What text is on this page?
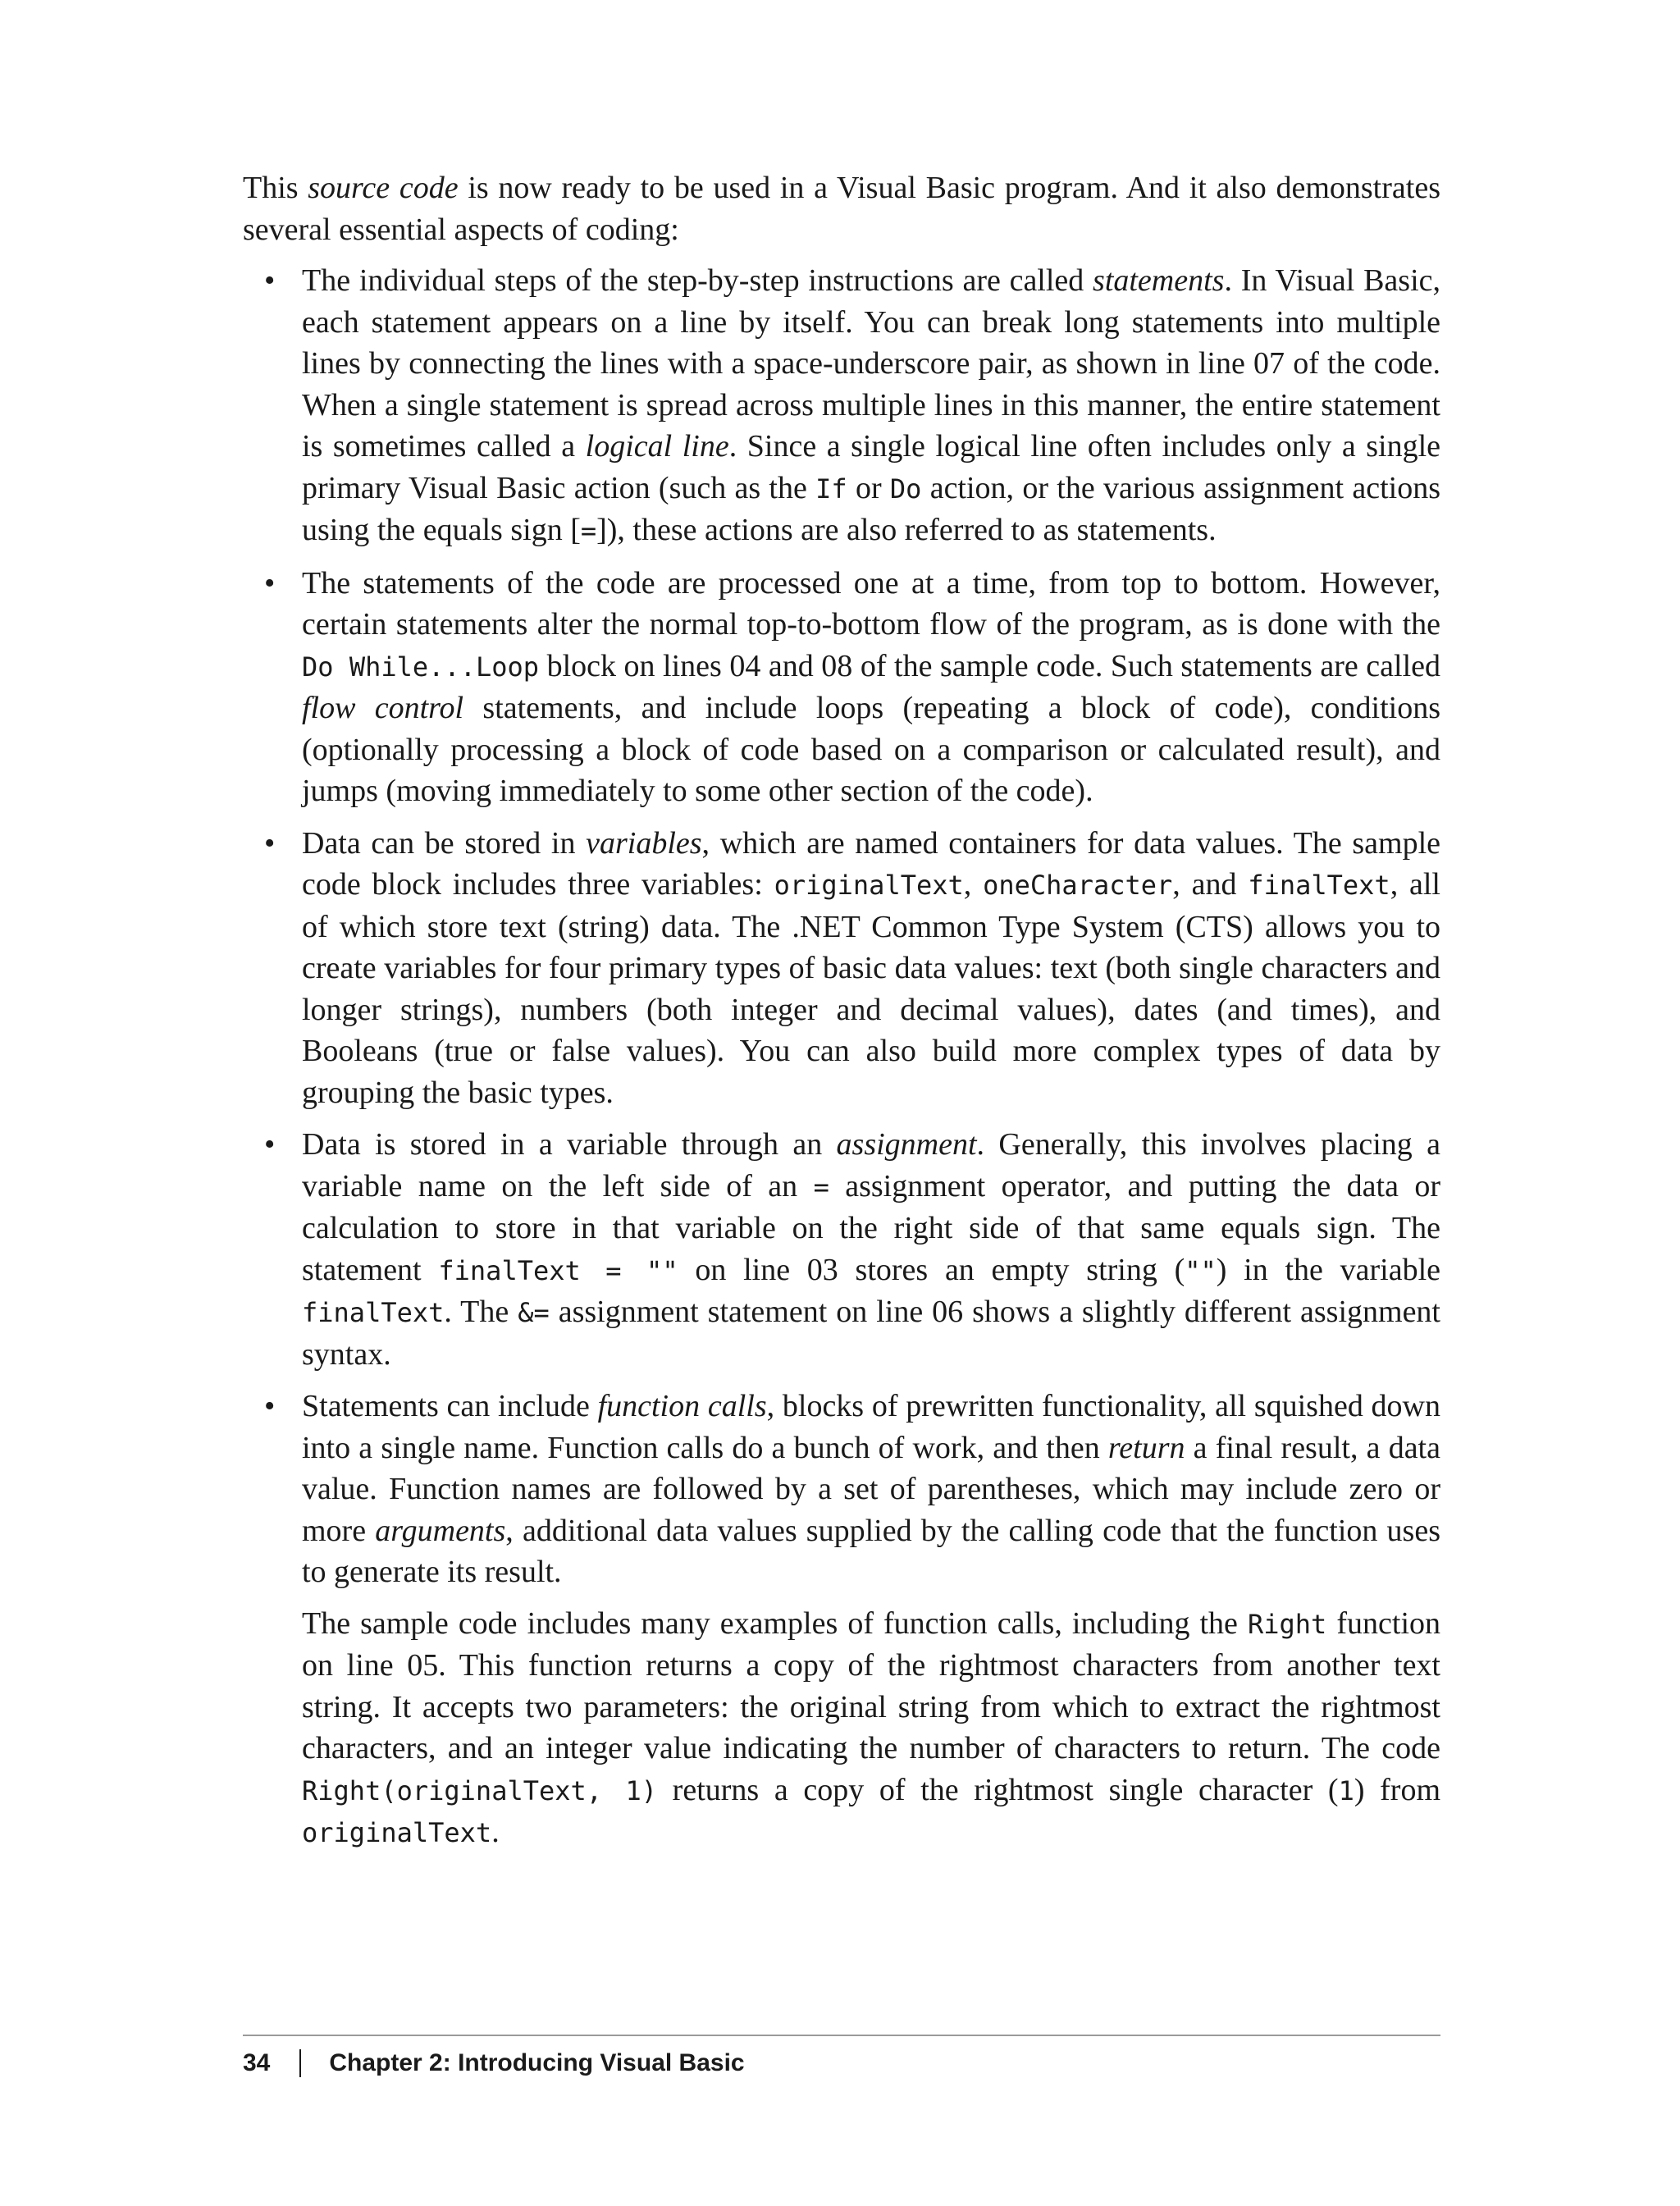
This source code is now ready to be used in a Visual Basic program. And it also demonstrates several essential aspects of coding:

• The individual steps of the step-by-step instructions are called statements. In Visual Basic, each statement appears on a line by itself. You can break long statements into multiple lines by connecting the lines with a space-underscore pair, as shown in line 07 of the code. When a single statement is spread across multiple lines in this manner, the entire statement is sometimes called a logical line. Since a single logical line often includes only a single primary Visual Basic action (such as the If or Do action, or the various assignment actions using the equals sign [=]), these actions are also referred to as statements.

• The statements of the code are processed one at a time, from top to bottom. However, certain statements alter the normal top-to-bottom flow of the program, as is done with the Do While...Loop block on lines 04 and 08 of the sample code. Such statements are called flow control statements, and include loops (repeating a block of code), conditions (optionally processing a block of code based on a comparison or calculated result), and jumps (moving immediately to some other section of the code).

• Data can be stored in variables, which are named containers for data values. The sample code block includes three variables: originalText, oneCharacter, and finalText, all of which store text (string) data. The .NET Common Type System (CTS) allows you to create variables for four primary types of basic data values: text (both single characters and longer strings), numbers (both integer and decimal values), dates (and times), and Booleans (true or false values). You can also build more complex types of data by grouping the basic types.

• Data is stored in a variable through an assignment. Generally, this involves placing a variable name on the left side of an = assignment operator, and putting the data or calculation to store in that variable on the right side of that same equals sign. The statement finalText = "" on line 03 stores an empty string ("") in the variable finalText. The &= assignment statement on line 06 shows a slightly different assignment syntax.

• Statements can include function calls, blocks of prewritten functionality, all squished down into a single name. Function calls do a bunch of work, and then return a final result, a data value. Function names are followed by a set of parentheses, which may include zero or more arguments, additional data values supplied by the calling code that the function uses to generate its result.

The sample code includes many examples of function calls, including the Right function on line 05. This function returns a copy of the rightmost characters from another text string. It accepts two parameters: the original string from which to extract the rightmost characters, and an integer value indicating the number of characters to return. The code Right(originalText, 1) returns a copy of the rightmost single character (1) from originalText.

34 Chapter 2: Introducing Visual Basic
